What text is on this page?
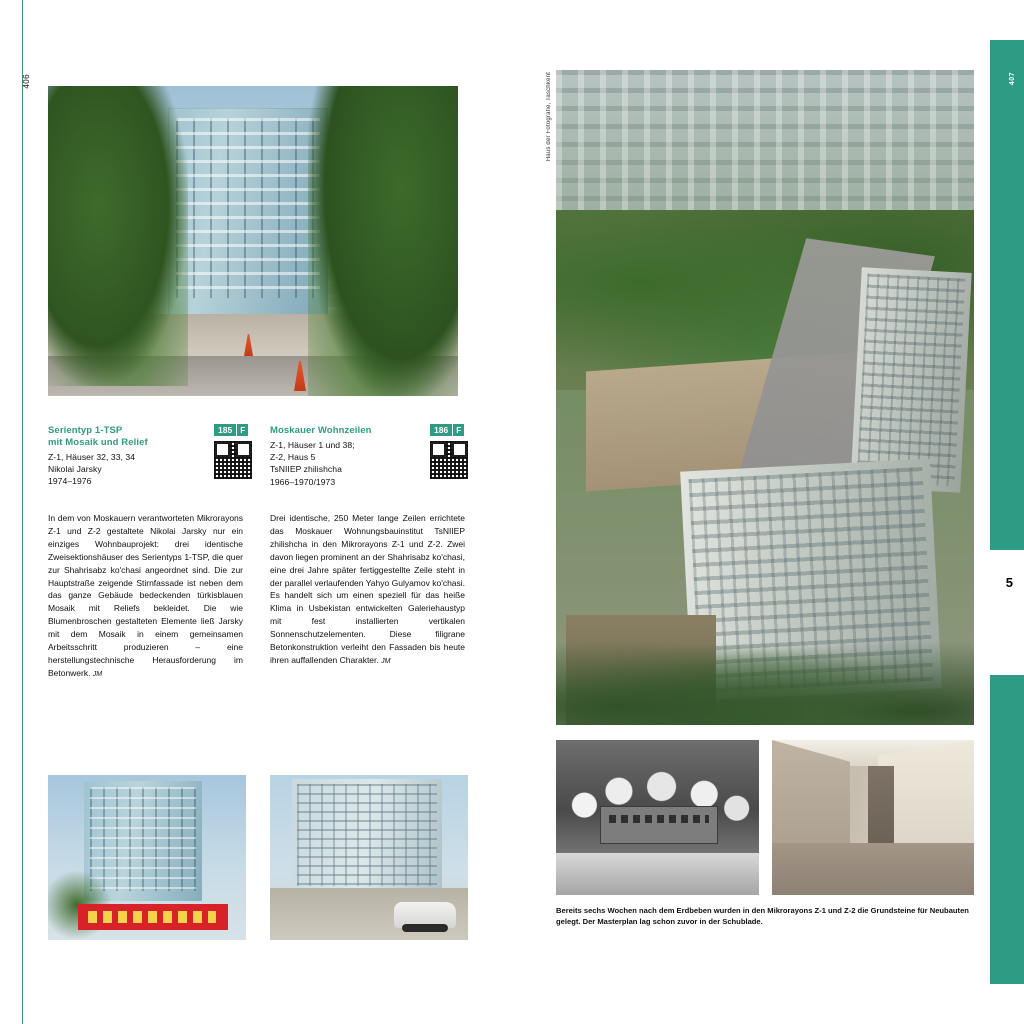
406	407
5
Serientyp 1-TSP
mit Mosaik und Relief
Z-1, Häuser 32, 33, 34
Nikolai Jarsky
1974–1976
185	F	Moskauer Wohnzeilen
Z-1, Häuser 1 und 38;
Z-2, Haus 5
TsNIIEP zhilishcha
1966–1970/1973
186	F
In dem von Moskauern verantworteten Mikrorayons Z-1 und Z-2 gestaltete Nikolai Jarsky nur ein einziges Wohnbauprojekt: drei identische Zweisektionshäuser des Serientyps 1-TSP, die quer zur Shahrisabz ko'chasi angeordnet sind. Die zur Hauptstraße zeigende Stirnfassade ist neben dem das ganze Gebäude bedeckenden türkisblauen Mosaik mit Reliefs bekleidet. Die wie Blumenbroschen gestalteten Elemente ließ Jarsky mit dem Mosaik in einem gemeinsamen Arbeitsschritt produzieren – eine herstellungstechnische Herausforderung im Betonwerk. JM
Drei identische, 250 Meter lange Zeilen errichtete das Moskauer Wohnungsbauinstitut TsNIIEP zhilishcha in den Mikrorayons Z-1 und Z-2. Zwei davon liegen prominent an der Shahrisabz ko'chasi, eine drei Jahre später fertiggestellte Zeile steht in der parallel verlaufenden Yahyo Gulyamov ko'chasi. Es handelt sich um einen speziell für das heiße Klima in Usbekistan entwickelten Galeriehaustyp mit fest installierten vertikalen Sonnenschutzelementen. Diese filigrane Betonkonstruktion verleiht den Fassaden bis heute ihren auffallenden Charakter. JM
Haus der Fotografie, Taschkent
Bereits sechs Wochen nach dem Erdbeben wurden in den Mikrorayons Z-1 und Z-2 die Grundsteine für Neubauten gelegt. Der Masterplan lag schon zuvor in der Schublade.
